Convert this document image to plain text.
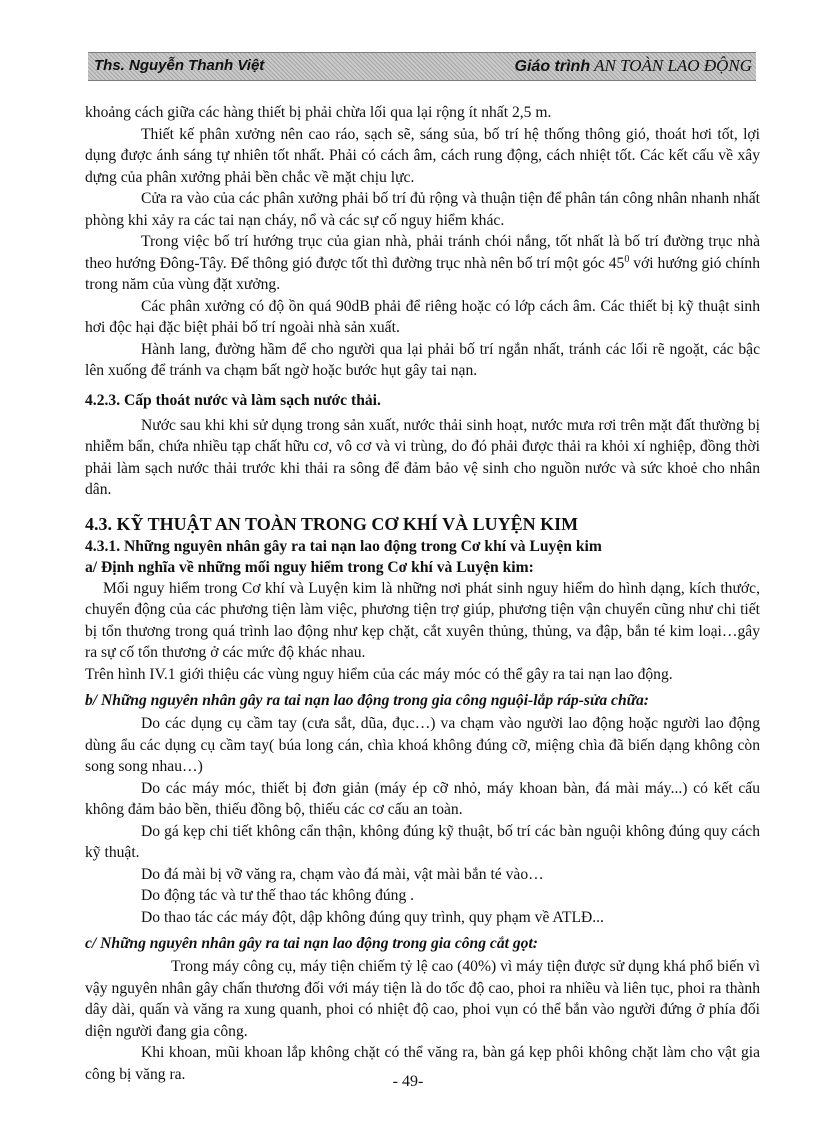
Ths. Nguyễn Thanh Việt	Giáo trình AN TOÀN LAO ĐỘNG

khoảng cách giữa các hàng thiết bị phải chừa lối qua lại rộng ít nhất 2,5 m.

Thiết kế phân xưởng nên cao ráo, sạch sẽ, sáng sủa, bố trí hệ thống thông gió, thoát hơi tốt, lợi dụng được ánh sáng tự nhiên tốt nhất. Phải có cách âm, cách rung động, cách nhiệt tốt. Các kết cấu về xây dựng của phân xưởng phải bền chắc về mặt chịu lực.

Cửa ra vào của các phân xưởng phải bố trí đủ rộng và thuận tiện để phân tán công nhân nhanh nhất phòng khi xảy ra các tai nạn cháy, nổ và các sự cố nguy hiểm khác.

Trong việc bố trí hướng trục của gian nhà, phải tránh chói nắng, tốt nhất là bố trí đường trục nhà theo hướng Đông-Tây. Để thông gió được tốt thì đường trục nhà nên bố trí một góc $45^0$ với hướng gió chính trong năm của vùng đặt xưởng.

Các phân xưởng có độ ồn quá 90dB phải để riêng hoặc có lớp cách âm. Các thiết bị kỹ thuật sinh hơi độc hại đặc biệt phải bố trí ngoài nhà sản xuất.

Hành lang, đường hầm để cho người qua lại phải bố trí ngắn nhất, tránh các lối rẽ ngoặt, các bậc lên xuống để tránh va chạm bất ngờ hoặc bước hụt gây tai nạn.

4.2.3. Cấp thoát nước và làm sạch nước thải.

Nước sau khi khi sử dụng trong sản xuất, nước thải sinh hoạt, nước mưa rơi trên mặt đất thường bị nhiễm bẩn, chứa nhiều tạp chất hữu cơ, vô cơ và vi trùng, do đó phải được thải ra khỏi xí nghiệp, đồng thời phải làm sạch nước thải trước khi thải ra sông để đảm bảo vệ sinh cho nguồn nước và sức khoẻ cho nhân dân.

4.3. KỸ THUẬT AN TOÀN TRONG CƠ KHÍ VÀ LUYỆN KIM
4.3.1. Những nguyên nhân gây ra tai nạn lao động trong Cơ khí và Luyện kim
a/ Định nghĩa về những mối nguy hiểm trong Cơ khí và Luyện kim:

Mối nguy hiểm trong Cơ khí và Luyện kim là những nơi phát sinh nguy hiểm do hình dạng, kích thước, chuyển động của các phương tiện làm việc, phương tiện trợ giúp, phương tiện vận chuyển cũng như chi tiết bị tổn thương trong quá trình lao động như kẹp chặt, cắt xuyên thủng, thủng, va đập, bắn té kim loại…gây ra sự cố tổn thương ở các mức độ khác nhau.

Trên hình IV.1 giới thiệu các vùng nguy hiểm của các máy móc có thể gây ra tai nạn lao động.

b/ Những nguyên nhân gây ra tai nạn lao động trong gia công nguội-lắp ráp-sửa chữa:

Do các dụng cụ cầm tay (cưa sắt, dũa, đục…) va chạm vào người lao động hoặc người lao động dùng ẩu các dụng cụ cầm tay( búa long cán, chìa khoá không đúng cỡ, miệng chìa đã biến dạng không còn song song nhau…)

Do các máy móc, thiết bị đơn giản (máy ép cỡ nhỏ, máy khoan bàn, đá mài máy...) có kết cấu không đảm bảo bền, thiếu đồng bộ, thiếu các cơ cấu an toàn.

Do gá kẹp chi tiết không cẩn thận, không đúng kỹ thuật, bố trí các bàn nguội không đúng quy cách kỹ thuật.

Do đá mài bị vỡ văng ra, chạm vào đá mài, vật mài bắn té vào…

Do động tác và tư thế thao tác không đúng .

Do thao tác các máy đột, dập không đúng quy trình, quy phạm về ATLĐ...

c/ Những nguyên nhân gây ra tai nạn lao động trong gia công cắt gọt:

Trong máy công cụ, máy tiện chiếm tỷ lệ cao (40%) vì máy tiện được sử dụng khá phổ biến vì vậy nguyên nhân gây chấn thương đối với máy tiện là do tốc độ cao, phoi ra nhiều và liên tục, phoi ra thành dây dài, quấn và văng ra xung quanh, phoi có nhiệt độ cao, phoi vụn có thể bắn vào người đứng ở phía đối diện người đang gia công.

Khi khoan, mũi khoan lắp không chặt có thể văng ra, bàn gá kẹp phôi không chặt làm cho vật gia công bị văng ra.	- 49-
